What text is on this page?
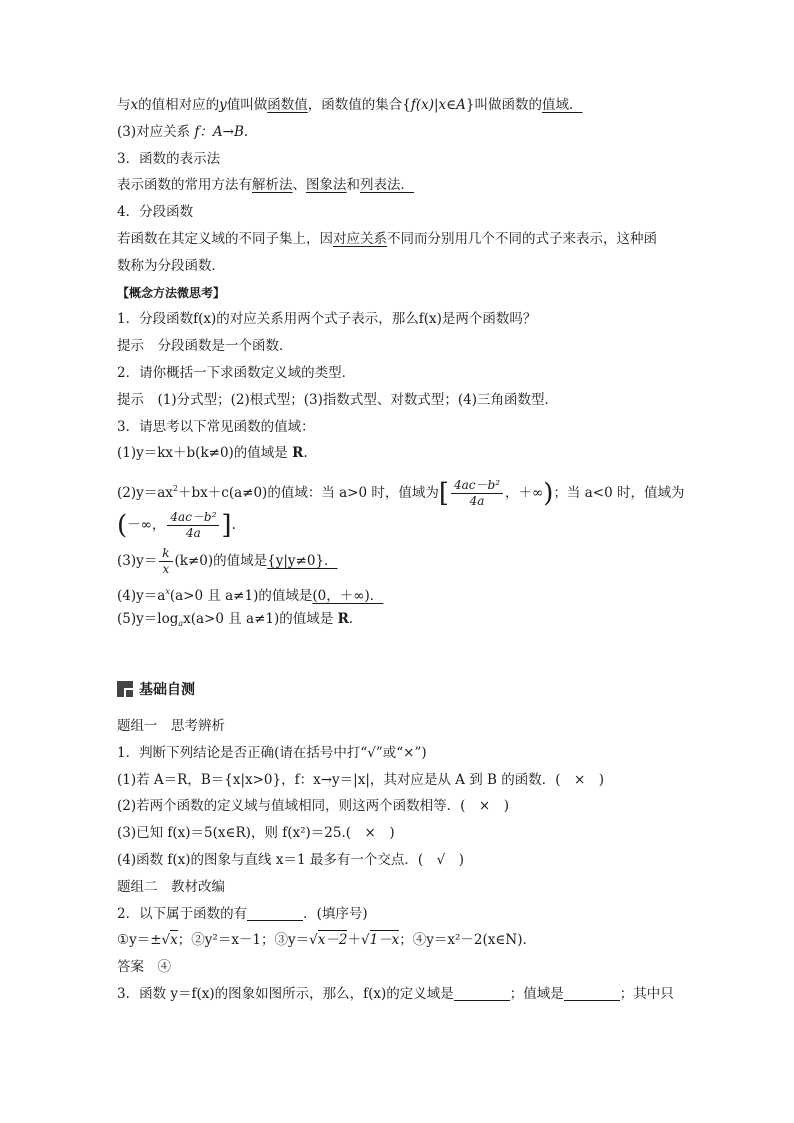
与x的值相对应的y值叫做函数值，函数值的集合{f(x)|x∈A}叫做函数的值域．
(3)对应关系 f：A→B.
3．函数的表示法
表示函数的常用方法有解析法、图象法和列表法．
4．分段函数
若函数在其定义域的不同子集上，因对应关系不同而分别用几个不同的式子来表示，这种函
数称为分段函数．
【概念方法微思考】
1．分段函数f(x)的对应关系用两个式子表示，那么f(x)是两个函数吗？
提示　分段函数是一个函数．
2．请你概括一下求函数定义域的类型．
提示　(1)分式型；(2)根式型；(3)指数式型、对数式型；(4)三角函数型．
3．请思考以下常见函数的值域：
(1)y＝kx＋b(k≠0)的值域是 R.
$(2)y=ax^2+bx+c(a\ne 0)$的值域：当 a>0 时，值域为[ $\frac{\text{4ac－b²}}{4a}$ ，＋∞)；当 a<0 时，值域为
(－∞， $\frac{\text{4ac－b²}}{4a}$ ].
$(3)y= \frac{k}{x} (k\ne 0)$的值域是{y|y≠0}．
$(4)y=a^x(a>0$ 且 a≠1)的值域是(0，＋∞)．
$(5)y=\log_ax(a>0$ 且 a≠1)的值域是 R.
基础自测
题组一　思考辨析
1．判断下列结论是否正确(请在括号中打“√”或“×”)
(1)若 A＝R，B＝{x|x>0}，f：x→y＝|x|，其对应是从 A 到 B 的函数．(　×　)
(2)若两个函数的定义域与值域相同，则这两个函数相等．(　×　)
(3)已知 f(x)＝5(x∈R)，则 f(x²)＝25.(　×　)
(4)函数 f(x)的图象与直线 x＝1 最多有一个交点．(　√　)
题组二　教材改编
2．以下属于函数的有	．(填序号)
①y＝±√x；②y²＝x－1；③y＝√x－2＋√1－x；④y＝x²－2(x∈N).
答案　④
3．函数 y＝f(x)的图象如图所示，那么，f(x)的定义域是	；值域是	；其中只
